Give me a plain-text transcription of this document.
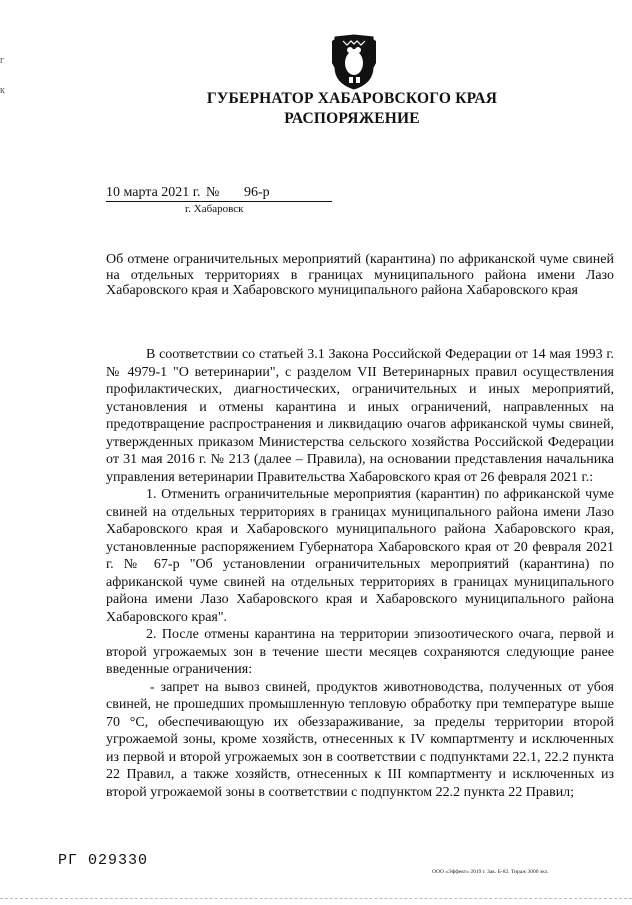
г
к	ГУБЕРНАТОР ХАБАРОВСКОГО КРАЯ
РАСПОРЯЖЕНИЕ
10 марта 2021 г. № 96-р
г. Хабаровск
Об отмене ограничительных мероприятий (карантина) по африканской чуме свиней на отдельных территориях в границах муниципального района имени Лазо Хабаровского края и Хабаровского муниципального района Хабаровского края

В соответствии со статьей 3.1 Закона Российской Федерации от 14 мая 1993 г. № 4979-1 "О ветеринарии", с разделом VII Ветеринарных правил осуществления профилактических, диагностических, ограничительных и иных мероприятий, установления и отмены карантина и иных ограничений, направленных на предотвращение распространения и ликвидацию очагов африканской чумы свиней, утвержденных приказом Министерства сельского хозяйства Российской Федерации от 31 мая 2016 г. № 213 (далее – Правила), на основании представления начальника управления ветеринарии Правительства Хабаровского края от 26 февраля 2021 г.:

1. Отменить ограничительные мероприятия (карантин) по африканской чуме свиней на отдельных территориях в границах муниципального района имени Лазо Хабаровского края и Хабаровского муниципального района Хабаровского края, установленные распоряжением Губернатора Хабаровского края от 20 февраля 2021 г. № 67-р "Об установлении ограничительных мероприятий (карантина) по африканской чуме свиней на отдельных территориях в границах муниципального района имени Лазо Хабаровского края и Хабаровского муниципального района Хабаровского края".

2. После отмены карантина на территории эпизоотического очага, первой и второй угрожаемых зон в течение шести месяцев сохраняются следующие ранее введенные ограничения:

- запрет на вывоз свиней, продуктов животноводства, полученных от убоя свиней, не прошедших промышленную тепловую обработку при температуре выше 70 °С, обеспечивающую их обеззараживание, за пределы территории второй угрожаемой зоны, кроме хозяйств, отнесенных к IV компартменту и исключенных из первой и второй угрожаемых зон в соответствии с подпунктами 22.1, 22.2 пункта 22 Правил, а также хозяйств, отнесенных к III компартменту и исключенных из второй угрожаемой зоны в соответствии с подпунктом 22.2 пункта 22 Правил;

РГ 029330
ООО «Эффект» 2019 г. Зак. Б-82. Тираж 3000 экз.
